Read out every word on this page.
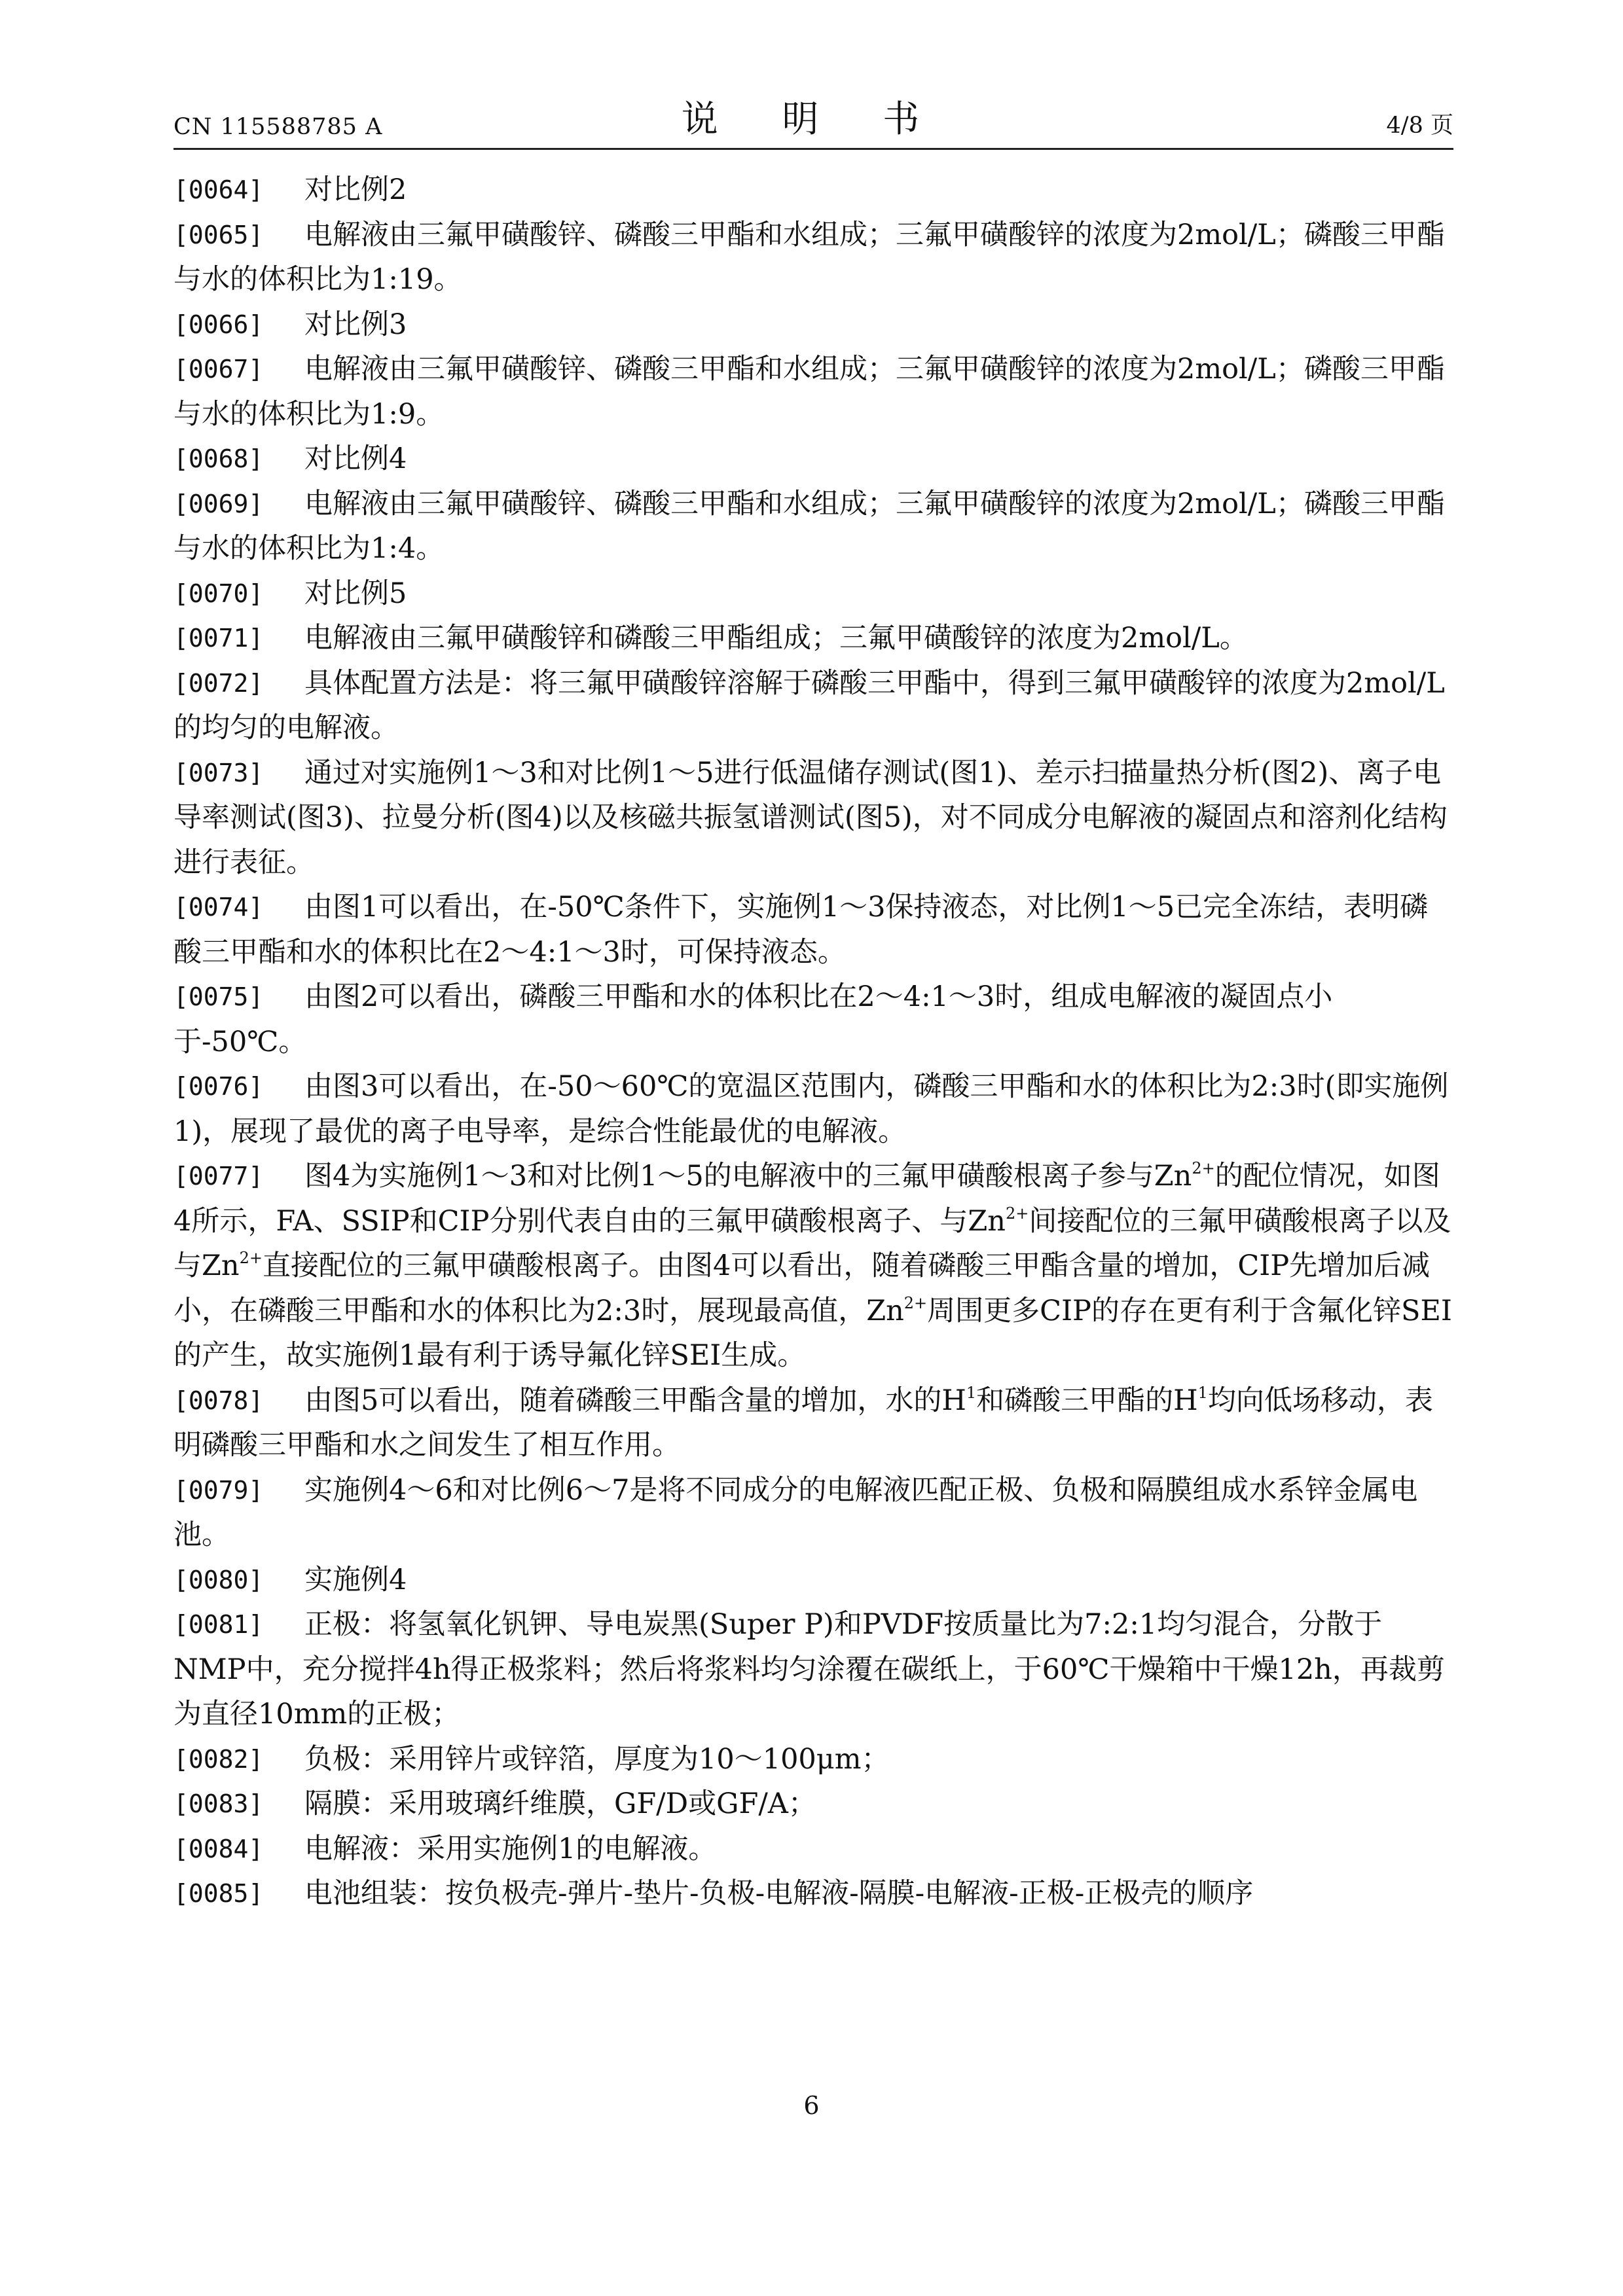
CN 115588785 A	说 明 书	4/8 页
[0064]	对比例2
[0065]	电解液由三氟甲磺酸锌、磷酸三甲酯和水组成；三氟甲磺酸锌的浓度为2mol/L；磷酸三甲酯与水的体积比为1:19。
[0066]	对比例3
[0067]	电解液由三氟甲磺酸锌、磷酸三甲酯和水组成；三氟甲磺酸锌的浓度为2mol/L；磷酸三甲酯与水的体积比为1:9。
[0068]	对比例4
[0069]	电解液由三氟甲磺酸锌、磷酸三甲酯和水组成；三氟甲磺酸锌的浓度为2mol/L；磷酸三甲酯与水的体积比为1:4。
[0070]	对比例5
[0071]	电解液由三氟甲磺酸锌和磷酸三甲酯组成；三氟甲磺酸锌的浓度为2mol/L。
[0072]	具体配置方法是：将三氟甲磺酸锌溶解于磷酸三甲酯中，得到三氟甲磺酸锌的浓度为2mol/L的均匀的电解液。
[0073]	通过对实施例1～3和对比例1～5进行低温储存测试(图1)、差示扫描量热分析(图2)、离子电导率测试(图3)、拉曼分析(图4)以及核磁共振氢谱测试(图5)，对不同成分电解液的凝固点和溶剂化结构进行表征。
[0074]	由图1可以看出，在-50℃条件下，实施例1～3保持液态，对比例1～5已完全冻结，表明磷酸三甲酯和水的体积比在2～4:1～3时，可保持液态。
[0075]	由图2可以看出，磷酸三甲酯和水的体积比在2～4:1～3时，组成电解液的凝固点小于-50℃。
[0076]	由图3可以看出，在-50～60℃的宽温区范围内，磷酸三甲酯和水的体积比为2:3时(即实施例1)，展现了最优的离子电导率，是综合性能最优的电解液。
[0077]	图4为实施例1～3和对比例1～5的电解液中的三氟甲磺酸根离子参与$Zn^{2+}$的配位情况，如图4所示，FA、SSIP和CIP分别代表自由的三氟甲磺酸根离子、与$Zn^{2+}$间接配位的三氟甲磺酸根离子以及与$Zn^{2+}$直接配位的三氟甲磺酸根离子。由图4可以看出，随着磷酸三甲酯含量的增加，CIP先增加后减小，在磷酸三甲酯和水的体积比为2:3时，展现最高值，$Zn^{2+}$周围更多CIP的存在更有利于含氟化锌SEI的产生，故实施例1最有利于诱导氟化锌SEI生成。
[0078]	由图5可以看出，随着磷酸三甲酯含量的增加，水的$H^1$和磷酸三甲酯的$H^1$均向低场移动，表明磷酸三甲酯和水之间发生了相互作用。
[0079]	实施例4～6和对比例6～7是将不同成分的电解液匹配正极、负极和隔膜组成水系锌金属电池。
[0080]	实施例4
[0081]	正极：将氢氧化钒钾、导电炭黑(Super P)和PVDF按质量比为7:2:1均匀混合，分散于NMP中，充分搅拌4h得正极浆料；然后将浆料均匀涂覆在碳纸上，于60℃干燥箱中干燥12h，再裁剪为直径10mm的正极；
[0082]	负极：采用锌片或锌箔，厚度为10～100μm；
[0083]	隔膜：采用玻璃纤维膜，GF/D或GF/A；
[0084]	电解液：采用实施例1的电解液。
[0085]	电池组装：按负极壳-弹片-垫片-负极-电解液-隔膜-电解液-正极-正极壳的顺序
6
